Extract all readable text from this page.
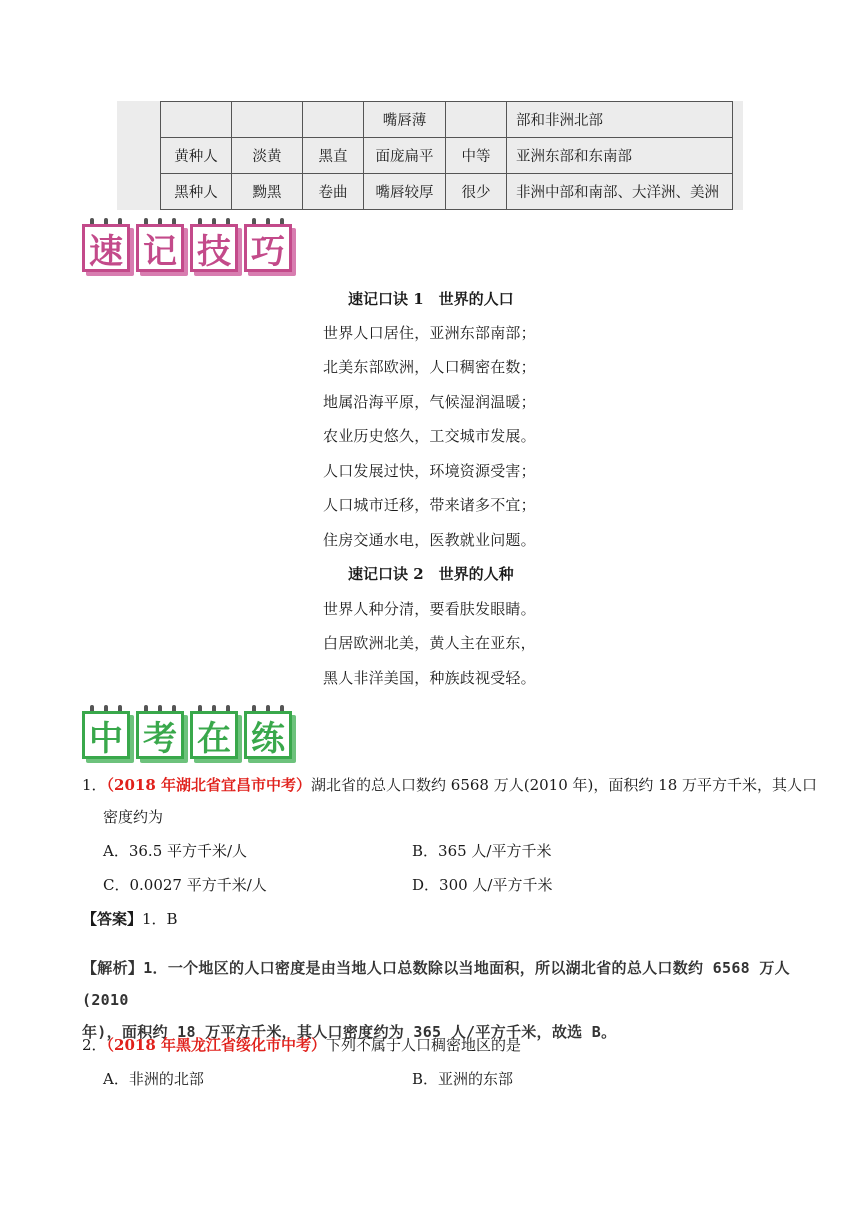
			嘴唇薄		部和非洲北部
黄种人	淡黄	黑直	面庞扁平	中等	亚洲东部和东南部
黑种人	黝黑	卷曲	嘴唇较厚	很少	非洲中部和南部、大洋洲、美洲
速 记 技 巧
速记口诀 1　世界的人口
世界人口居住，亚洲东部南部；
北美东部欧洲，人口稠密在数；
地属沿海平原，气候湿润温暖；
农业历史悠久，工交城市发展。
人口发展过快，环境资源受害；
人口城市迁移，带来诸多不宜；
住房交通水电，医教就业问题。
速记口诀 2　世界的人种
世界人种分清，要看肤发眼睛。
白居欧洲北美，黄人主在亚东，
黑人非洋美国，种族歧视受轻。
中 考 在 练
1．（2018 年湖北省宜昌市中考）湖北省的总人口数约 6568 万人(2010 年)，面积约 18 万平方千米，其人口
密度约为
A．36.5 平方千米/人	B．365 人/平方千米
C．0.0027 平方千米/人	D．300 人/平方千米
【答案】1．B
【解析】1．一个地区的人口密度是由当地人口总数除以当地面积，所以湖北省的总人口数约 6568 万人(2010
年)，面积约 18 万平方千米，其人口密度约为 365 人/平方千米，故选 B。
2．（2018 年黑龙江省绥化市中考）下列不属于人口稠密地区的是
A．非洲的北部	B．亚洲的东部
